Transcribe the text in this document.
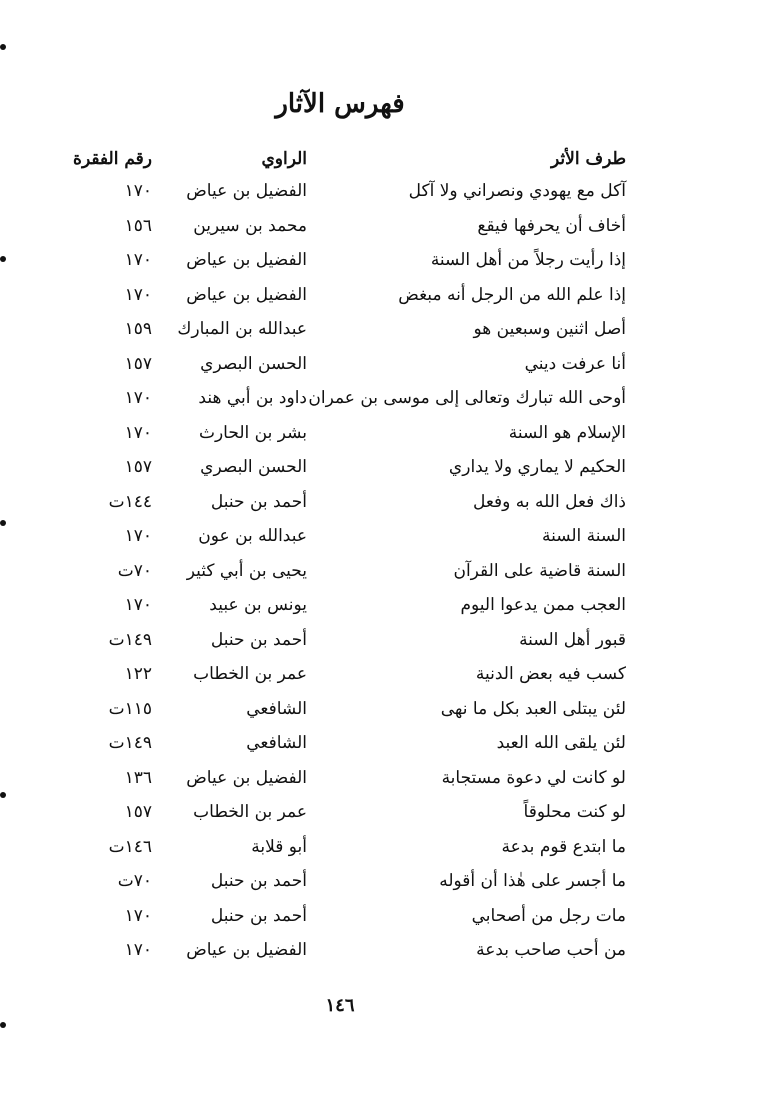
فهرس الآثار
طرف الأثر
الراوي
رقم الفقرة
آكل مع يهودي ونصراني ولا آكل
الفضيل بن عياض
١٧٠
أخاف أن يحرفها فيقع
محمد بن سيرين
١٥٦
إذا رأيت رجلاً من أهل السنة
الفضيل بن عياض
١٧٠
إذا علم الله من الرجل أنه مبغض
الفضيل بن عياض
١٧٠
أصل اثنين وسبعين هو
عبدالله بن المبارك
١٥٩
أنا عرفت ديني
الحسن البصري
١٥٧
أوحى الله تبارك وتعالى إلى موسى بن عمران
داود بن أبي هند
١٧٠
الإسلام هو السنة
بشر بن الحارث
١٧٠
الحكيم لا يماري ولا يداري
الحسن البصري
١٥٧
ذاك فعل الله به وفعل
أحمد بن حنبل
١٤٤ت
السنة السنة
عبدالله بن عون
١٧٠
السنة قاضية على القرآن
يحيى بن أبي كثير
٧٠ت
العجب ممن يدعوا اليوم
يونس بن عبيد
١٧٠
قبور أهل السنة
أحمد بن حنبل
١٤٩ت
كسب فيه بعض الدنية
عمر بن الخطاب
١٢٢
لئن يبتلى العبد بكل ما نهى
الشافعي
١١٥ت
لئن يلقى الله العبد
الشافعي
١٤٩ت
لو كانت لي دعوة مستجابة
الفضيل بن عياض
١٣٦
لو كنت محلوقاً
عمر بن الخطاب
١٥٧
ما ابتدع قوم بدعة
أبو قلابة
١٤٦ت
ما أجسر على هٰذا أن أقوله
أحمد بن حنبل
٧٠ت
مات رجل من أصحابي
أحمد بن حنبل
١٧٠
من أحب صاحب بدعة
الفضيل بن عياض
١٧٠
١٤٦
